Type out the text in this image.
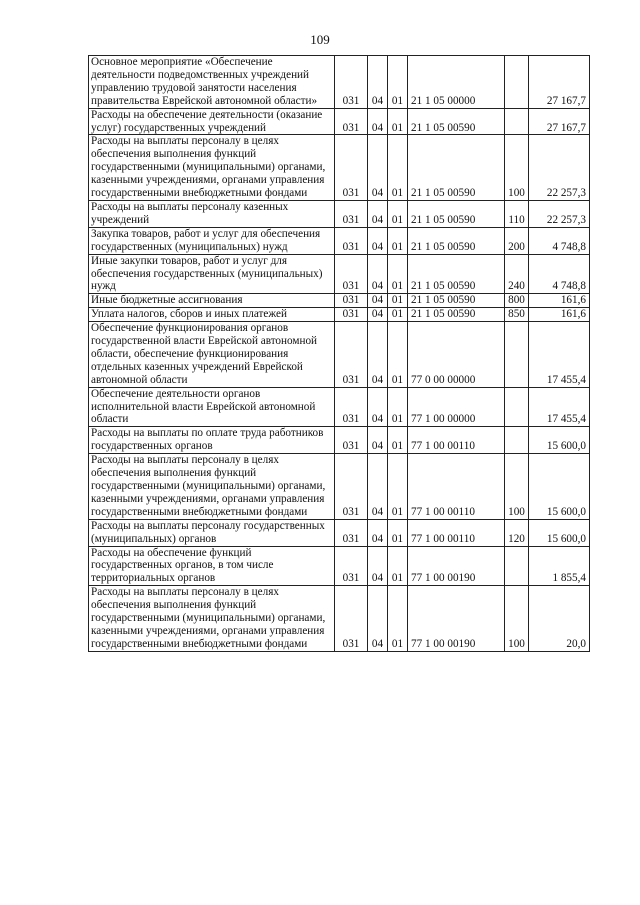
109
Основное мероприятие «Обеспечение деятельности подведомственных учреждений управлению трудовой занятости населения правительства Еврейской автономной области»	031	04	01	21 1 05 00000		27 167,7
Расходы на обеспечение деятельности (оказание услуг) государственных учреждений	031	04	01	21 1 05 00590		27 167,7
Расходы на выплаты персоналу в целях обеспечения выполнения функций государственными (муниципальными) органами, казенными учреждениями, органами управления государственными внебюджетными фондами	031	04	01	21 1 05 00590	100	22 257,3
Расходы на выплаты персоналу казенных учреждений	031	04	01	21 1 05 00590	110	22 257,3
Закупка товаров, работ и услуг для обеспечения государственных (муниципальных) нужд	031	04	01	21 1 05 00590	200	4 748,8
Иные закупки товаров, работ и услуг для обеспечения государственных (муниципальных) нужд	031	04	01	21 1 05 00590	240	4 748,8
Иные бюджетные ассигнования	031	04	01	21 1 05 00590	800	161,6
Уплата налогов, сборов и иных платежей	031	04	01	21 1 05 00590	850	161,6
Обеспечение функционирования органов государственной власти Еврейской автономной области, обеспечение функционирования отдельных казенных учреждений Еврейской автономной области	031	04	01	77 0 00 00000		17 455,4
Обеспечение деятельности органов исполнительной власти Еврейской автономной области	031	04	01	77 1 00 00000		17 455,4
Расходы на выплаты по оплате труда работников государственных органов	031	04	01	77 1 00 00110		15 600,0
Расходы на выплаты персоналу в целях обеспечения выполнения функций государственными (муниципальными) органами, казенными учреждениями, органами управления государственными внебюджетными фондами	031	04	01	77 1 00 00110	100	15 600,0
Расходы на выплаты персоналу государственных (муниципальных) органов	031	04	01	77 1 00 00110	120	15 600,0
Расходы на обеспечение функций государственных органов, в том числе территориальных органов	031	04	01	77 1 00 00190		1 855,4
Расходы на выплаты персоналу в целях обеспечения выполнения функций государственными (муниципальными) органами, казенными учреждениями, органами управления государственными внебюджетными фондами	031	04	01	77 1 00 00190	100	20,0
